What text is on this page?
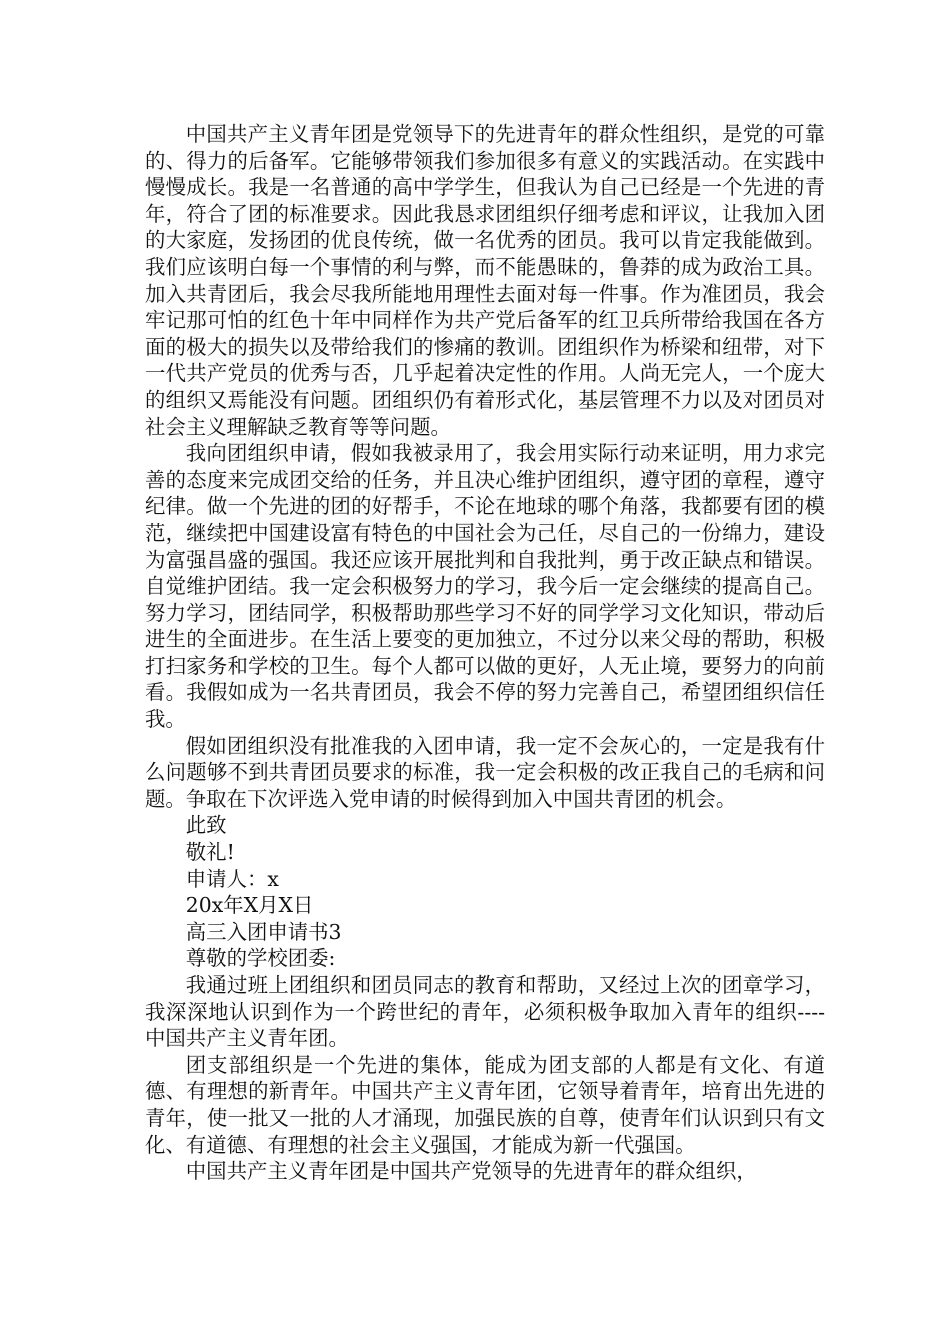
中国共产主义青年团是党领导下的先进青年的群众性组织，是党的可靠的、得力的后备军。它能够带领我们参加很多有意义的实践活动。在实践中慢慢成长。我是一名普通的高中学学生，但我认为自己已经是一个先进的青年，符合了团的标准要求。因此我恳求团组织仔细考虑和评议，让我加入团的大家庭，发扬团的优良传统，做一名优秀的团员。我可以肯定我能做到。我们应该明白每一个事情的利与弊，而不能愚昧的，鲁莽的成为政治工具。加入共青团后，我会尽我所能地用理性去面对每一件事。作为准团员，我会牢记那可怕的红色十年中同样作为共产党后备军的红卫兵所带给我国在各方面的极大的损失以及带给我们的惨痛的教训。团组织作为桥梁和纽带，对下一代共产党员的优秀与否，几乎起着决定性的作用。人尚无完人，一个庞大的组织又焉能没有问题。团组织仍有着形式化，基层管理不力以及对团员对社会主义理解缺乏教育等等问题。

我向团组织申请，假如我被录用了，我会用实际行动来证明，用力求完善的态度来完成团交给的任务，并且决心维护团组织，遵守团的章程，遵守纪律。做一个先进的团的好帮手，不论在地球的哪个角落，我都要有团的模范，继续把中国建设富有特色的中国社会为己任，尽自己的一份绵力，建设为富强昌盛的强国。我还应该开展批判和自我批判，勇于改正缺点和错误。自觉维护团结。我一定会积极努力的学习，我今后一定会继续的提高自己。努力学习，团结同学，积极帮助那些学习不好的同学学习文化知识，带动后进生的全面进步。在生活上要变的更加独立，不过分以来父母的帮助，积极打扫家务和学校的卫生。每个人都可以做的更好，人无止境，要努力的向前看。我假如成为一名共青团员，我会不停的努力完善自己，希望团组织信任我。

假如团组织没有批准我的入团申请，我一定不会灰心的，一定是我有什么问题够不到共青团员要求的标准，我一定会积极的改正我自己的毛病和问题。争取在下次评选入党申请的时候得到加入中国共青团的机会。

此致

敬礼!

申请人：x

20x年X月X日

高三入团申请书3

尊敬的学校团委:

我通过班上团组织和团员同志的教育和帮助，又经过上次的团章学习，我深深地认识到作为一个跨世纪的青年，必须积极争取加入青年的组织----中国共产主义青年团。

团支部组织是一个先进的集体，能成为团支部的人都是有文化、有道德、有理想的新青年。中国共产主义青年团，它领导着青年，培育出先进的青年，使一批又一批的人才涌现，加强民族的自尊，使青年们认识到只有文化、有道德、有理想的社会主义强国，才能成为新一代强国。

中国共产主义青年团是中国共产党领导的先进青年的群众组织，
